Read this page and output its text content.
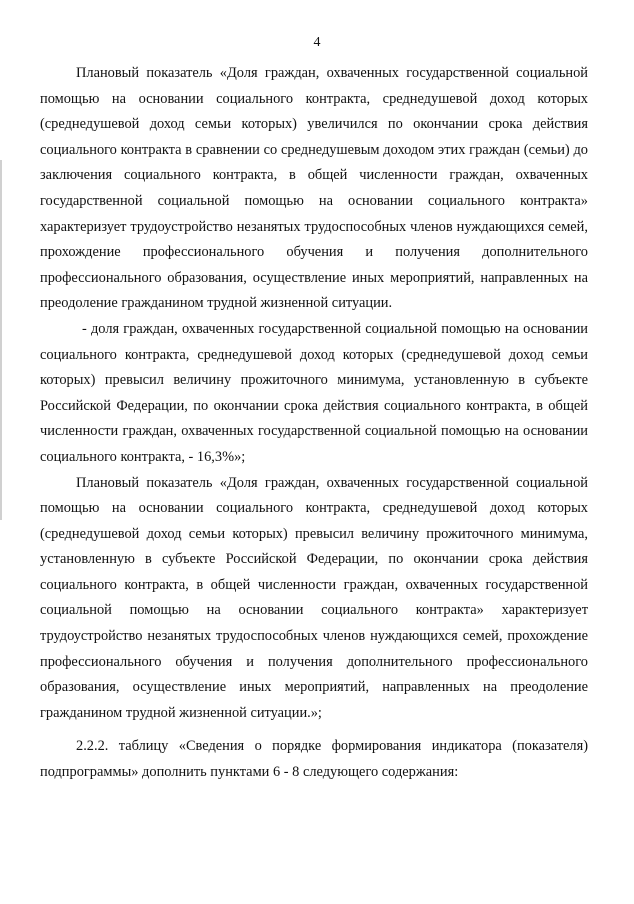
4

Плановый показатель «Доля граждан, охваченных государственной социальной помощью на основании социального контракта, среднедушевой доход которых (среднедушевой доход семьи которых) увеличился по окончании срока действия социального контракта в сравнении со среднедушевым доходом этих граждан (семьи) до заключения социального контракта, в общей численности граждан, охваченных государственной социальной помощью на основании социального контракта» характеризует трудоустройство незанятых трудоспособных членов нуждающихся семей, прохождение профессионального обучения и получения дополнительного профессионального образования, осуществление иных мероприятий, направленных на преодоление гражданином трудной жизненной ситуации.

- доля граждан, охваченных государственной социальной помощью на основании социального контракта, среднедушевой доход которых (среднедушевой доход семьи которых) превысил величину прожиточного минимума, установленную в субъекте Российской Федерации, по окончании срока действия социального контракта, в общей численности граждан, охваченных государственной социальной помощью на основании социального контракта, - 16,3%»;

Плановый показатель «Доля граждан, охваченных государственной социальной помощью на основании социального контракта, среднедушевой доход которых (среднедушевой доход семьи которых) превысил величину прожиточного минимума, установленную в субъекте Российской Федерации, по окончании срока действия социального контракта, в общей численности граждан, охваченных государственной социальной помощью на основании социального контракта» характеризует трудоустройство незанятых трудоспособных членов нуждающихся семей, прохождение профессионального обучения и получения дополнительного профессионального образования, осуществление иных мероприятий, направленных на преодоление гражданином трудной жизненной ситуации.»;

2.2.2. таблицу «Сведения о порядке формирования индикатора (показателя) подпрограммы» дополнить пунктами 6 - 8 следующего содержания:
